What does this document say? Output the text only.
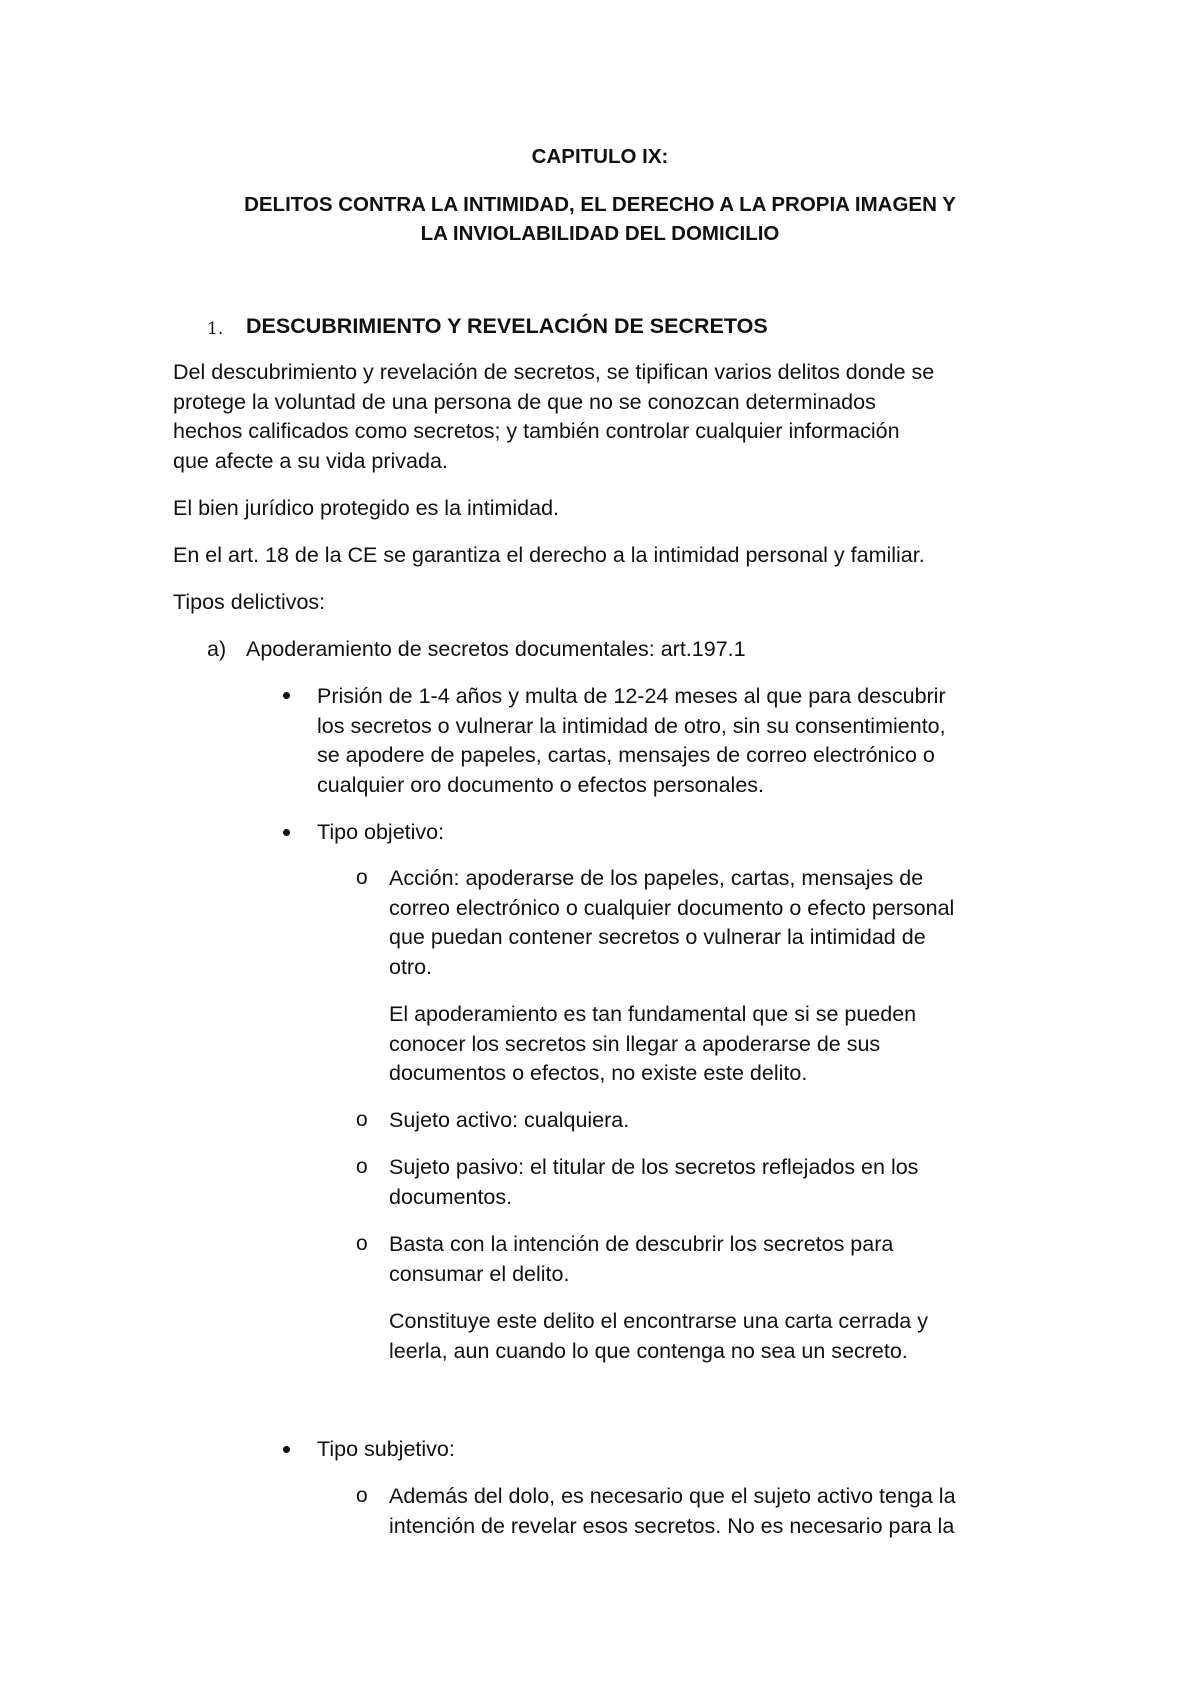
CAPITULO IX:
DELITOS CONTRA LA INTIMIDAD, EL DERECHO A LA PROPIA IMAGEN Y
LA INVIOLABILIDAD DEL DOMICILIO
1. DESCUBRIMIENTO Y REVELACIÓN DE SECRETOS
Del descubrimiento y revelación de secretos, se tipifican varios delitos donde se
protege la voluntad de una persona de que no se conozcan determinados
hechos calificados como secretos; y también controlar cualquier información
que afecte a su vida privada.
El bien jurídico protegido es la intimidad.
En el art. 18 de la CE se garantiza el derecho a la intimidad personal y familiar.
Tipos delictivos:
a) Apoderamiento de secretos documentales: art.197.1
Prisión de 1-4 años y multa de 12-24 meses al que para descubrir
los secretos o vulnerar la intimidad de otro, sin su consentimiento,
se apodere de papeles, cartas, mensajes de correo electrónico o
cualquier oro documento o efectos personales.
Tipo objetivo:
o Acción: apoderarse de los papeles, cartas, mensajes de
correo electrónico o cualquier documento o efecto personal
que puedan contener secretos o vulnerar la intimidad de
otro.
El apoderamiento es tan fundamental que si se pueden
conocer los secretos sin llegar a apoderarse de sus
documentos o efectos, no existe este delito.
o Sujeto activo: cualquiera.
o Sujeto pasivo: el titular de los secretos reflejados en los
documentos.
o Basta con la intención de descubrir los secretos para
consumar el delito.
Constituye este delito el encontrarse una carta cerrada y
leerla, aun cuando lo que contenga no sea un secreto.
Tipo subjetivo:
o Además del dolo, es necesario que el sujeto activo tenga la
intención de revelar esos secretos. No es necesario para la
